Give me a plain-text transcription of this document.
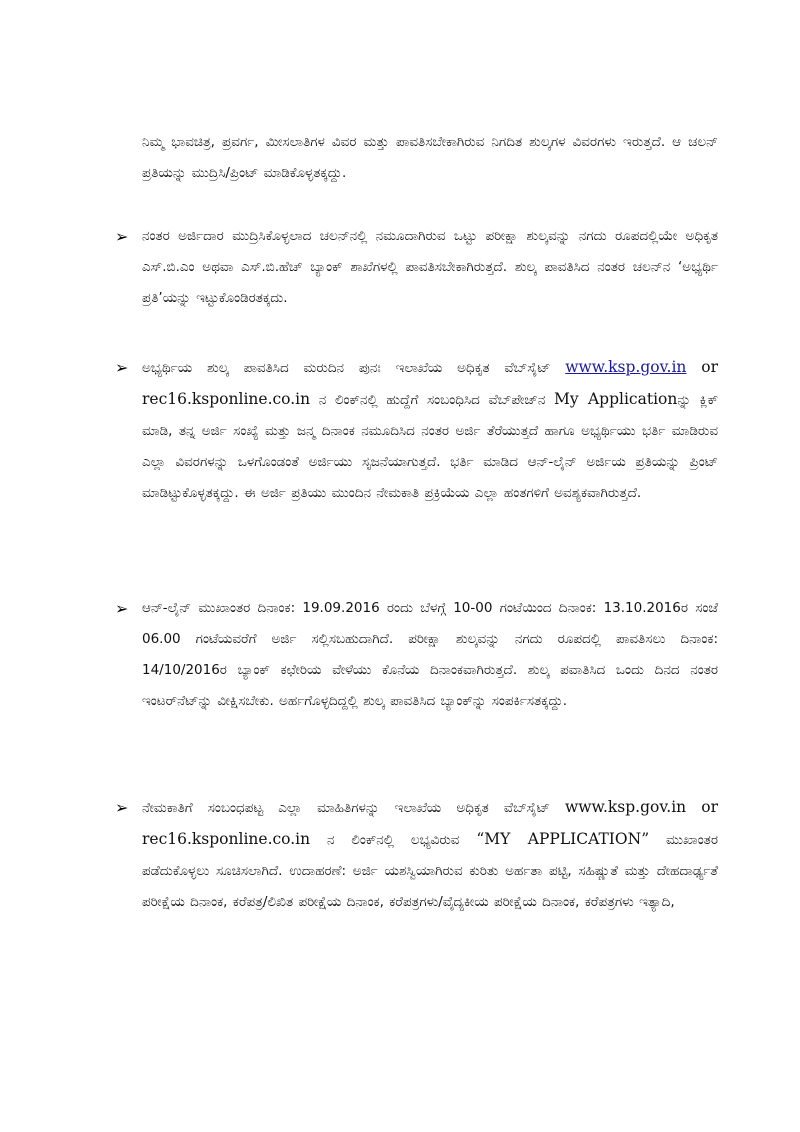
ನಿಮ್ಮ ಭಾವಚಿತ್ರ, ಪ್ರವರ್ಗ, ಮೀಸಲಾತಿಗಳ ವಿವರ ಮತ್ತು ಪಾವತಿಸಬೇಕಾಗಿರುವ ನಿಗದಿತ ಶುಲ್ಕಗಳ ವಿವರಗಳು ಇರುತ್ತದೆ. ಆ ಚಲನ್ ಪ್ರತಿಯನ್ನು ಮುದ್ರಿಸಿ/ಪ್ರಿಂಟ್ ಮಾಡಿಕೊಳ್ಳತಕ್ಕದ್ದು.

➢ ನಂತರ ಅರ್ಜಿದಾರ ಮುದ್ರಿಸಿಕೊಳ್ಳಲಾದ ಚಲನ್‌ನಲ್ಲಿ ನಮೂದಾಗಿರುವ ಒಟ್ಟು ಪರೀಕ್ಷಾ ಶುಲ್ಕವನ್ನು ನಗದು ರೂಪದಲ್ಲಿಯೇ ಅಧಿಕೃತ ಎಸ್.ಬಿ.ಎಂ ಅಥವಾ ಎಸ್.ಬಿ.ಹೆಚ್ ಬ್ಯಾಂಕ್ ಶಾಖೆಗಳಲ್ಲಿ ಪಾವತಿಸಬೇಕಾಗಿರುತ್ತದೆ. ಶುಲ್ಕ ಪಾವತಿಸಿದ ನಂತರ ಚಲನ್‌ನ ‘ಅಭ್ಯರ್ಥಿ ಪ್ರತಿ’ಯನ್ನು ಇಟ್ಟುಕೊಂಡಿರತಕ್ಕದು.

➢ ಅಭ್ಯರ್ಥಿಯ ಶುಲ್ಕ ಪಾವತಿಸಿದ ಮರುದಿನ ಪುನಃ ಇಲಾಖೆಯ ಅಧಿಕೃತ ವೆಬ್‌ಸೈಟ್ www.ksp.gov.in or rec16.ksponline.co.in ನ ಲಿಂಕ್‌ನಲ್ಲಿ ಹುದ್ದೆಗೆ ಸಂಬಂಧಿಸಿದ ವೆಬ್‌ಪೇಜ್‌ನ My Applicationನ್ನು ಕ್ಲಿಕ್ ಮಾಡಿ, ತನ್ನ ಅರ್ಜಿ ಸಂಖ್ಯೆ ಮತ್ತು ಜನ್ಮ ದಿನಾಂಕ ನಮೂದಿಸಿದ ನಂತರ ಅರ್ಜಿ ತೆರೆಯುತ್ತದೆ ಹಾಗೂ ಅಭ್ಯರ್ಥಿಯು ಭರ್ತಿ ಮಾಡಿರುವ ಎಲ್ಲಾ ವಿವರಗಳನ್ನು ಒಳಗೊಂಡಂತೆ ಅರ್ಜಿಯು ಸೃಜನೆಯಾಗುತ್ತದೆ. ಭರ್ತಿ ಮಾಡಿದ ಆನ್-ಲೈನ್ ಅರ್ಜಿಯ ಪ್ರತಿಯನ್ನು ಪ್ರಿಂಟ್ ಮಾಡಿಟ್ಟುಕೊಳ್ಳತಕ್ಕದ್ದು. ಈ ಅರ್ಜಿ ಪ್ರತಿಯು ಮುಂದಿನ ನೇಮಕಾತಿ ಪ್ರಕ್ರಿಯೆಯ ಎಲ್ಲಾ ಹಂತಗಳಿಗೆ ಅವಶ್ಯಕವಾಗಿರುತ್ತದೆ.

➢ ಆನ್-ಲೈನ್ ಮುಖಾಂತರ ದಿನಾಂಕ: 19.09.2016 ರಂದು ಬೆಳಗ್ಗೆ 10-00 ಗಂಟೆಯಿಂದ ದಿನಾಂಕ: 13.10.2016ರ ಸಂಜೆ 06.00 ಗಂಟೆಯವರೆಗೆ ಅರ್ಜಿ ಸಲ್ಲಿಸಬಹುದಾಗಿದೆ. ಪರೀಕ್ಷಾ ಶುಲ್ಕವನ್ನು ನಗದು ರೂಪದಲ್ಲಿ ಪಾವತಿಸಲು ದಿನಾಂಕ: 14/10/2016ರ ಬ್ಯಾಂಕ್ ಕಛೇರಿಯ ವೇಳೆಯು ಕೊನೆಯ ದಿನಾಂಕವಾಗಿರುತ್ತದೆ. ಶುಲ್ಕ ಪವಾತಿಸಿದ ಒಂದು ದಿನದ ನಂತರ ಇಂಟರ್‌ನೆಟ್‌ನ್ನು ವೀಕ್ಷಿಸಬೇಕು. ಅರ್ಹಗೊಳ್ಳದಿದ್ದಲ್ಲಿ ಶುಲ್ಕ ಪಾವತಿಸಿದ ಬ್ಯಾಂಕ್‌ನ್ನು ಸಂಪರ್ಕಿಸತಕ್ಕದ್ದು.

➢ ನೇಮಕಾತಿಗೆ ಸಂಬಂಧಪಟ್ಟ ಎಲ್ಲಾ ಮಾಹಿತಿಗಳನ್ನು ಇಲಾಖೆಯ ಅಧಿಕೃತ ವೆಬ್‌ಸೈಟ್ www.ksp.gov.in or rec16.ksponline.co.in ನ ಲಿಂಕ್‌ನಲ್ಲಿ ಲಭ್ಯವಿರುವ “MY APPLICATION” ಮುಖಾಂತರ ಪಡೆದುಕೊಳ್ಳಲು ಸೂಚಿಸಲಾಗಿದೆ. ಉದಾಹರಣೆ: ಅರ್ಜಿ ಯಶಸ್ವಿಯಾಗಿರುವ ಕುರಿತು ಅರ್ಹತಾ ಪಟ್ಟಿ, ಸಹಿಷ್ಣುತೆ ಮತ್ತು ದೇಹದಾರ್ಢ್ಯತೆ ಪರೀಕ್ಷೆಯ ದಿನಾಂಕ, ಕರೆಪತ್ರ/ಲಿಖಿತ ಪರೀಕ್ಷೆಯ ದಿನಾಂಕ, ಕರೆಪತ್ರಗಳು/ವೈದ್ಯಕೀಯ ಪರೀಕ್ಷೆಯ ದಿನಾಂಕ, ಕರೆಪತ್ರಗಳು ಇತ್ಯಾದಿ,
